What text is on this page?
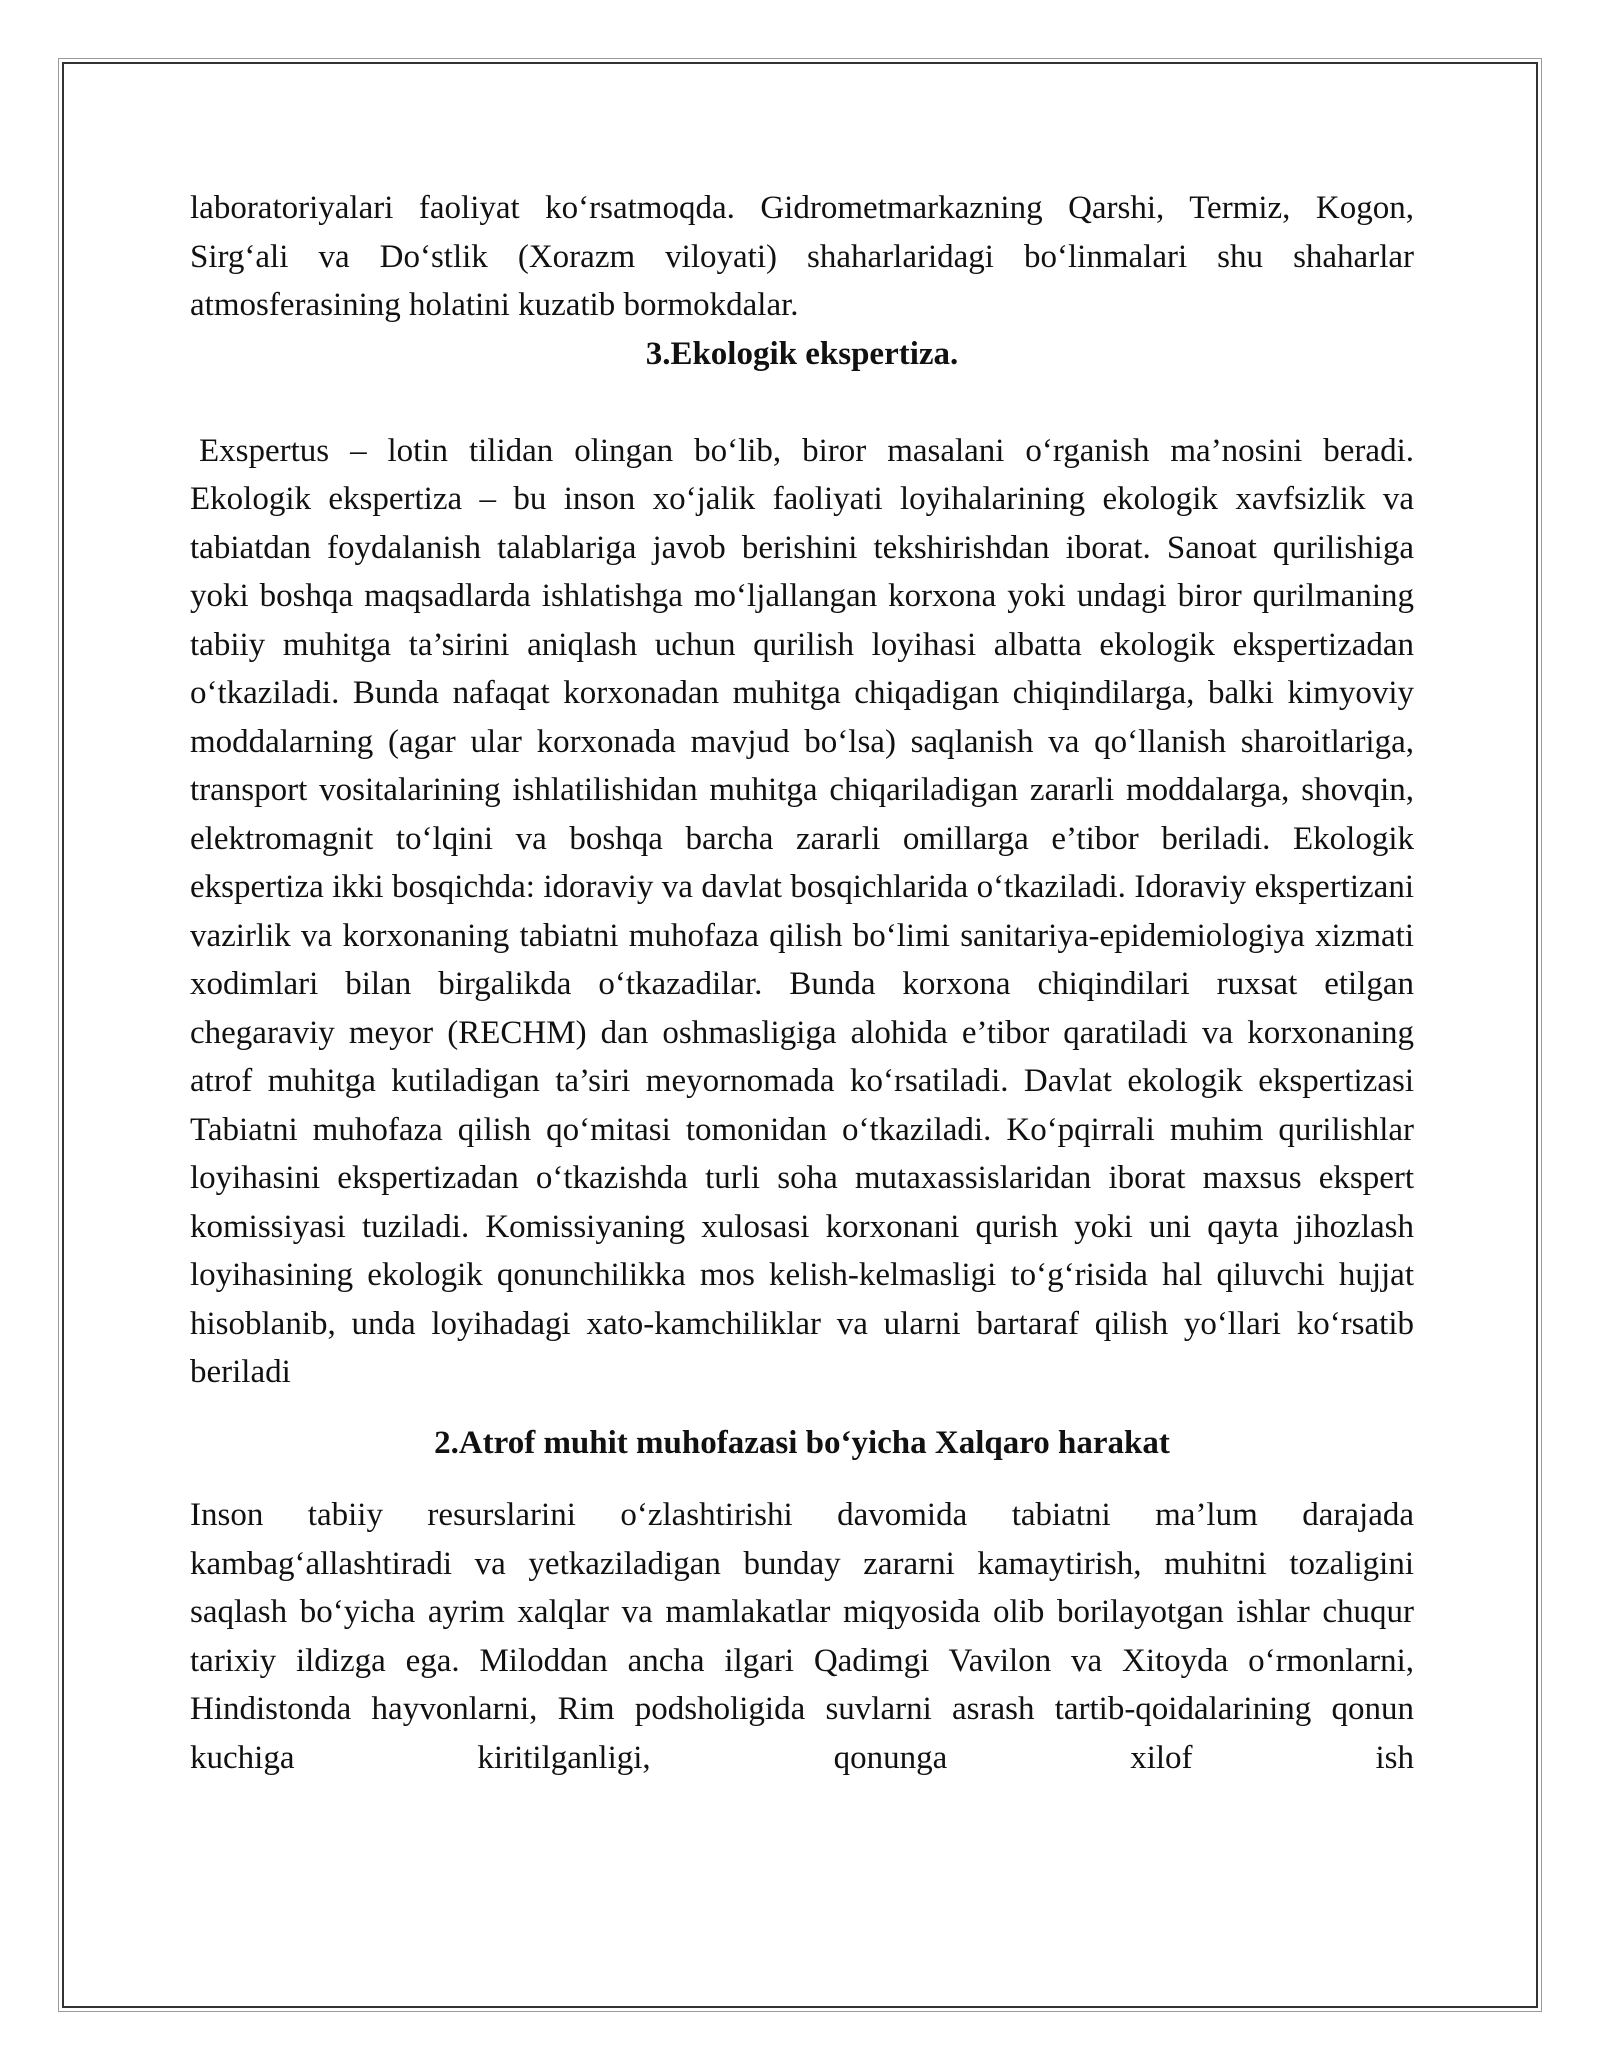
laboratoriyalari faoliyat ko‘rsatmoqda. Gidrometmarkazning Qarshi, Termiz, Kogon, Sirg‘ali va Do‘stlik (Xorazm viloyati) shaharlaridagi bo‘linmalari shu shaharlar atmosferasining holatini kuzatib bormokdalar.

3.Ekologik ekspertiza.

Exspertus – lotin tilidan olingan bo‘lib, biror masalani o‘rganish ma’nosini beradi. Ekologik ekspertiza – bu inson xo‘jalik faoliyati loyihalarining ekologik xavfsizlik va tabiatdan foydalanish talablariga javob berishini tekshirishdan iborat. Sanoat qurilishiga yoki boshqa maqsadlarda ishlatishga mo‘ljallangan korxona yoki undagi biror qurilmaning tabiiy muhitga ta’sirini aniqlash uchun qurilish loyihasi albatta ekologik ekspertizadan o‘tkaziladi. Bunda nafaqat korxonadan muhitga chiqadigan chiqindilarga, balki kimyoviy moddalarning (agar ular korxonada mavjud bo‘lsa) saqlanish va qo‘llanish sharoitlariga, transport vositalarining ishlatilishidan muhitga chiqariladigan zararli moddalarga, shovqin, elektromagnit to‘lqini va boshqa barcha zararli omillarga e’tibor beriladi. Ekologik ekspertiza ikki bosqichda: idoraviy va davlat bosqichlarida o‘tkaziladi. Idoraviy ekspertizani vazirlik va korxonaning tabiatni muhofaza qilish bo‘limi sanitariya-epidemiologiya xizmati xodimlari bilan birgalikda o‘tkazadilar. Bunda korxona chiqindilari ruxsat etilgan chegaraviy meyor (RECHM) dan oshmasligiga alohida e’tibor qaratiladi va korxonaning atrof muhitga kutiladigan ta’siri meyornomada ko‘rsatiladi. Davlat ekologik ekspertizasi Tabiatni muhofaza qilish qo‘mitasi tomonidan o‘tkaziladi. Ko‘pqirrali muhim qurilishlar loyihasini ekspertizadan o‘tkazishda turli soha mutaxassislaridan iborat maxsus ekspert komissiyasi tuziladi. Komissiyaning xulosasi korxonani qurish yoki uni qayta jihozlash loyihasining ekologik qonunchilikka mos kelish-kelmasligi to‘g‘risida hal qiluvchi hujjat hisoblanib, unda loyihadagi xato-kamchiliklar va ularni bartaraf qilish yo‘llari ko‘rsatib beriladi

2.Atrof muhit muhofazasi bo‘yicha Xalqaro harakat

Inson tabiiy resurslarini o‘zlashtirishi davomida tabiatni ma’lum darajada kambag‘allashtiradi va yetkaziladigan bunday zararni kamaytirish, muhitni tozaligini saqlash bo‘yicha ayrim xalqlar va mamlakatlar miqyosida olib borilayotgan ishlar chuqur tarixiy ildizga ega. Miloddan ancha ilgari Qadimgi Vavilon va Xitoyda o‘rmonlarni, Hindistonda hayvonlarni, Rim podsholigida suvlarni asrash tartib-qoidalarining qonun kuchiga kiritilganligi, qonunga xilof ish
